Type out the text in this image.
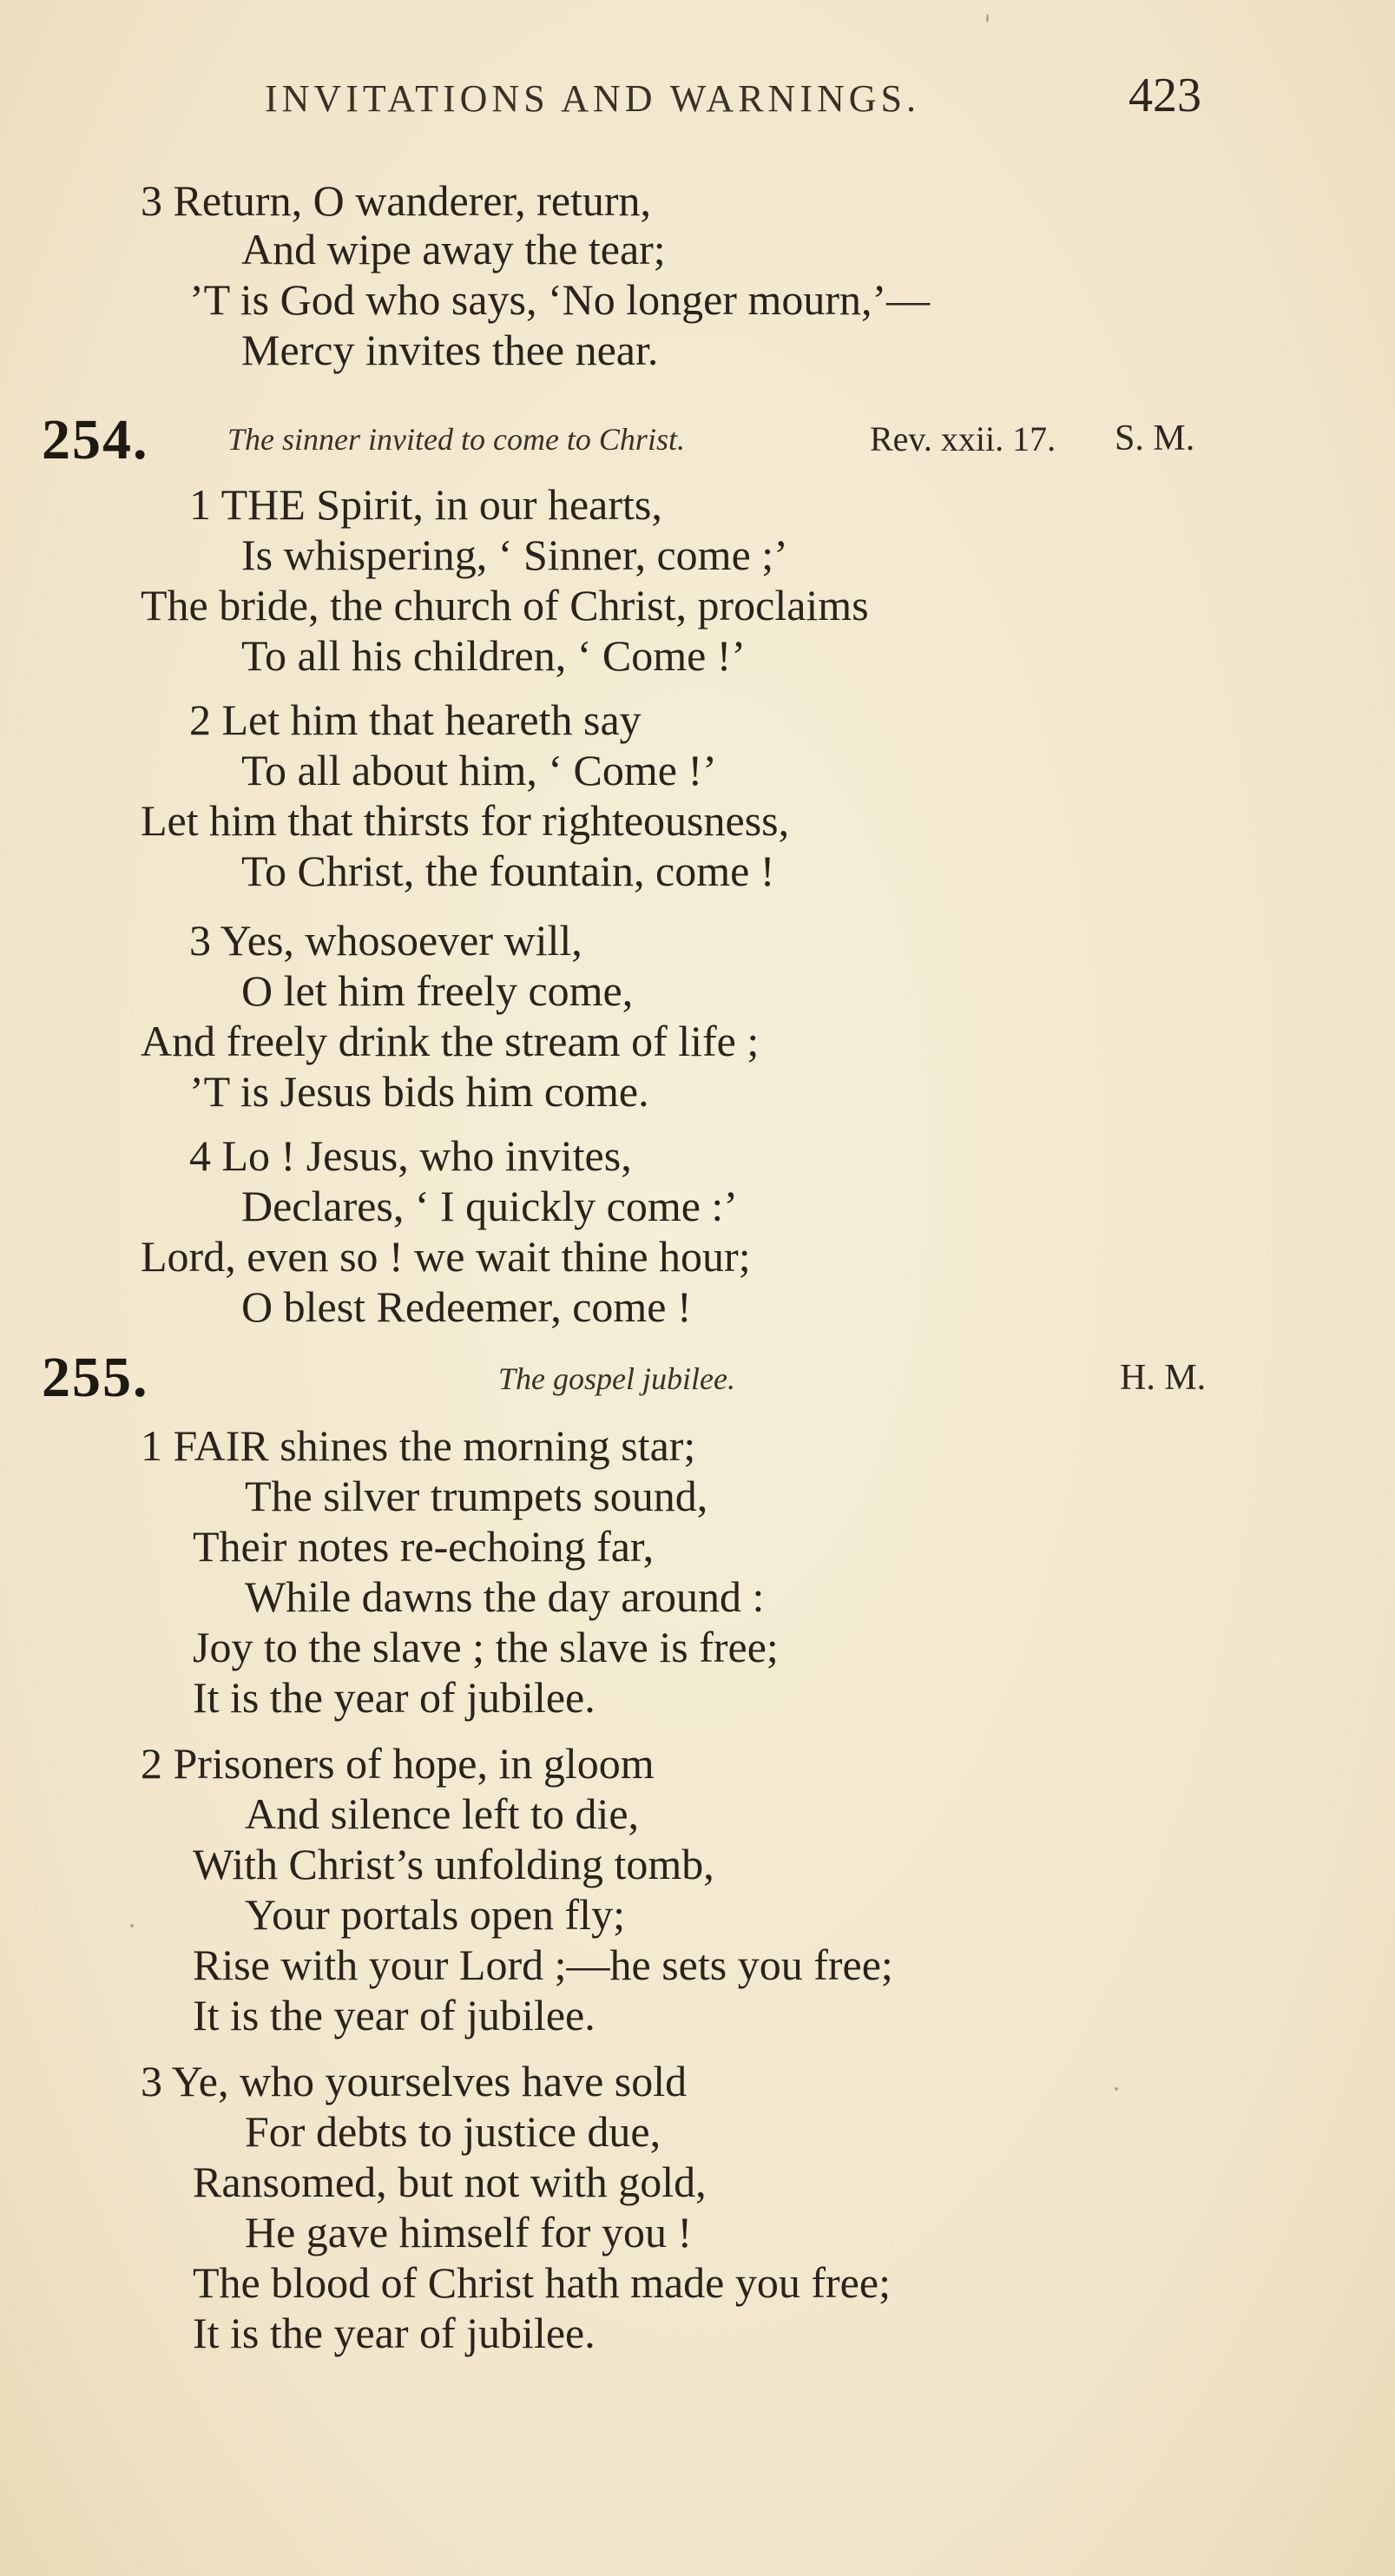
INVITATIONS AND WARNINGS.	423
3 Return, O wanderer, return,
And wipe away the tear;
’T is God who says, ‘No longer mourn,’—
Mercy invites thee near.
254.	The sinner invited to come to Christ.	Rev. xxii. 17. S. M.
1 THE Spirit, in our hearts,
Is whispering, ‘ Sinner, come ;’
The bride, the church of Christ, proclaims
To all his children, ‘ Come !’
2 Let him that heareth say
To all about him, ‘ Come !’
Let him that thirsts for righteousness,
To Christ, the fountain, come !
3 Yes, whosoever will,
O let him freely come,
And freely drink the stream of life ;
’T is Jesus bids him come.
4 Lo ! Jesus, who invites,
Declares, ‘ I quickly come :’
Lord, even so ! we wait thine hour;
O blest Redeemer, come !
255.	The gospel jubilee.	H. M.
1 FAIR shines the morning star;
The silver trumpets sound,
Their notes re-echoing far,
While dawns the day around :
Joy to the slave ; the slave is free;
It is the year of jubilee.
2 Prisoners of hope, in gloom
And silence left to die,
With Christ’s unfolding tomb,
Your portals open fly;
Rise with your Lord ;—he sets you free;
It is the year of jubilee.
3 Ye, who yourselves have sold
For debts to justice due,
Ransomed, but not with gold,
He gave himself for you !
The blood of Christ hath made you free;
It is the year of jubilee.
